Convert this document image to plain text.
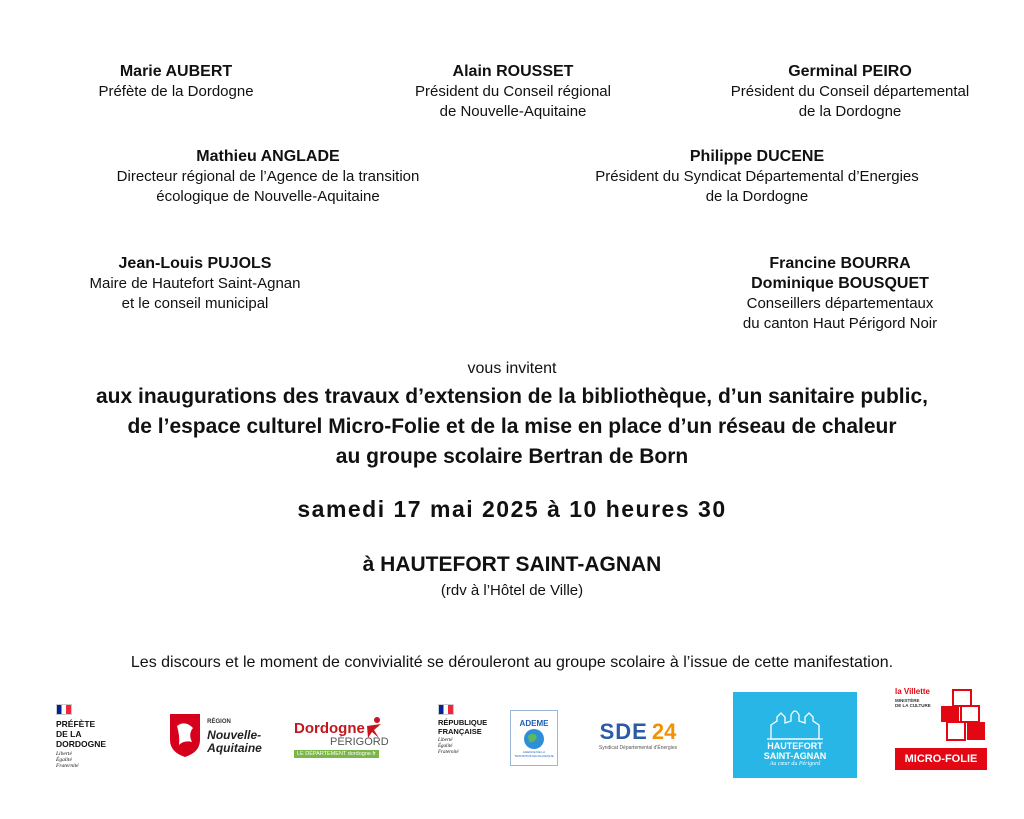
Marie AUBERT
Préfète de la Dordogne
Alain ROUSSET
Président du Conseil régional
de Nouvelle-Aquitaine
Germinal PEIRO
Président du Conseil départemental
de la Dordogne
Mathieu ANGLADE
Directeur régional de l’Agence de la transition
écologique de Nouvelle-Aquitaine
Philippe DUCENE
Président du Syndicat Départemental d’Energies
de la Dordogne
Jean-Louis PUJOLS
Maire de Hautefort Saint-Agnan
et le conseil municipal
Francine BOURRA
Dominique BOUSQUET
Conseillers départementaux
du canton Haut Périgord Noir
vous invitent
aux inaugurations des travaux d’extension de la bibliothèque, d’un sanitaire public,
de l’espace culturel Micro-Folie et de la mise en place d’un réseau de chaleur
au groupe scolaire Bertran de Born
samedi 17 mai 2025 à 10 heures 30
à HAUTEFORT SAINT-AGNAN
(rdv à l’Hôtel de Ville)
Les discours et le moment de convivialité se dérouleront au groupe scolaire à l’issue de cette manifestation.
PRÉFÈTE
DE LA
DORDOGNE
Liberté
Égalité
Fraternité
RÉGION
Nouvelle-
Aquitaine
Dordogne
PÉRIGORD
LE DÉPARTEMENT dordogne.fr
RÉPUBLIQUE
FRANÇAISE
Liberté
Égalité
Fraternité
ADEME
AGENCE DE LA TRANSITION ÉCOLOGIQUE
SDE 24
Syndicat Départemental d'Énergies	HAUTEFORT
SAINT-AGNAN
Au cœur du Périgord
la Villette
MINISTÈRE
DE LA CULTURE
MICRO-FOLIE
